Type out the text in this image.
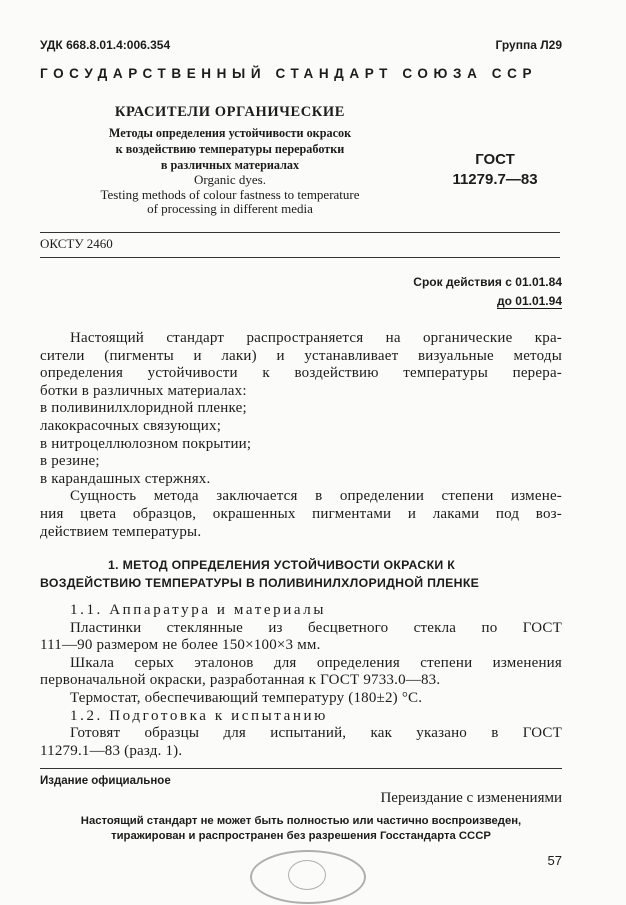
УДК 668.8.01.4:006.354	Группа Л29
ГОСУДАРСТВЕННЫЙ СТАНДАРТ СОЮЗА ССР
КРАСИТЕЛИ ОРГАНИЧЕСКИЕ
Методы определения устойчивости окрасок
к воздействию температуры переработки
в различных материалах
Organic dyes.
Testing methods of colour fastness to temperature
of processing in different media
ГОСТ
11279.7—83
ОКСТУ 2460
Срок действия с 01.01.84
до 01.01.94
Настоящий стандарт распространяется на органические кра-
сители (пигменты и лаки) и устанавливает визуальные методы
определения устойчивости к воздействию температуры перера-
ботки в различных материалах:
в поливинилхлоридной пленке;
лакокрасочных связующих;
в нитроцеллюлозном покрытии;
в резине;
в карандашных стержнях.
Сущность метода заключается в определении степени измене-
ния цвета образцов, окрашенных пигментами и лаками под воз-
действием температуры.
1. МЕТОД ОПРЕДЕЛЕНИЯ УСТОЙЧИВОСТИ ОКРАСКИ К
ВОЗДЕЙСТВИЮ ТЕМПЕРАТУРЫ В ПОЛИВИНИЛХЛОРИДНОЙ ПЛЕНКЕ
1.1. Аппаратура и материалы
Пластинки стеклянные из бесцветного стекла по ГОСТ
111—90 размером не более 150×100×3 мм.
Шкала серых эталонов для определения степени изменения
первоначальной окраски, разработанная к ГОСТ 9733.0—83.
Термостат, обеспечивающий температуру (180±2) °С.
1.2. Подготовка к испытанию
Готовят образцы для испытаний, как указано в ГОСТ
11279.1—83 (разд. 1).
Издание официальное
Переиздание с изменениями
Настоящий стандарт не может быть полностью или частично воспроизведен,
тиражирован и распространен без разрешения Госстандарта СССР
57
